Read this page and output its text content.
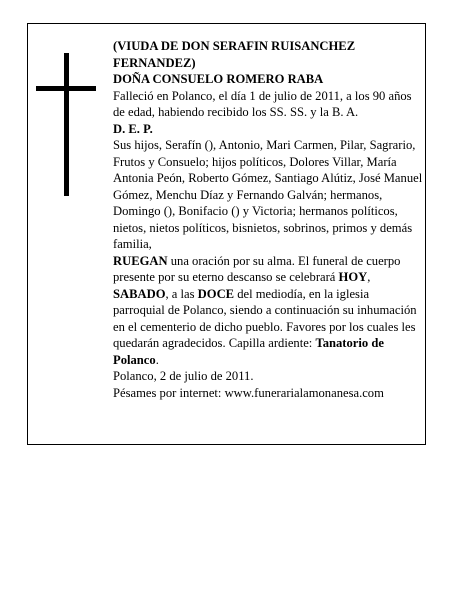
(VIUDA DE DON SERAFIN RUISANCHEZ FERNANDEZ)

DOÑA CONSUELO ROMERO RABA

Falleció en Polanco, el día 1 de julio de 2011, a los 90 años

de edad, habiendo recibido los SS. SS. y la B. A.

D. E. P.

Sus hijos, Serafín (), Antonio, Mari Carmen, Pilar, Sagrario, Frutos y Consuelo; hijos políticos, Dolores Villar, María Antonia Peón, Roberto Gómez, Santiago Alútiz, José Manuel Gómez, Menchu Díaz y Fernando Galván; hermanos, Domingo (), Bonifacio () y Victoria; hermanos políticos, nietos, nietos políticos, bisnietos, sobrinos, primos y demás familia,

RUEGAN una oración por su alma. El funeral de cuerpo presente por su eterno descanso se celebrará HOY, SABADO, a las DOCE del mediodía, en la iglesia parroquial de Polanco, siendo a continuación su inhumación en el cementerio de dicho pueblo. Favores por los cuales les quedarán agradecidos. Capilla ardiente: Tanatorio de Polanco.

Polanco, 2 de julio de 2011.

Pésames por internet: www.funerarialamonanesa.com
